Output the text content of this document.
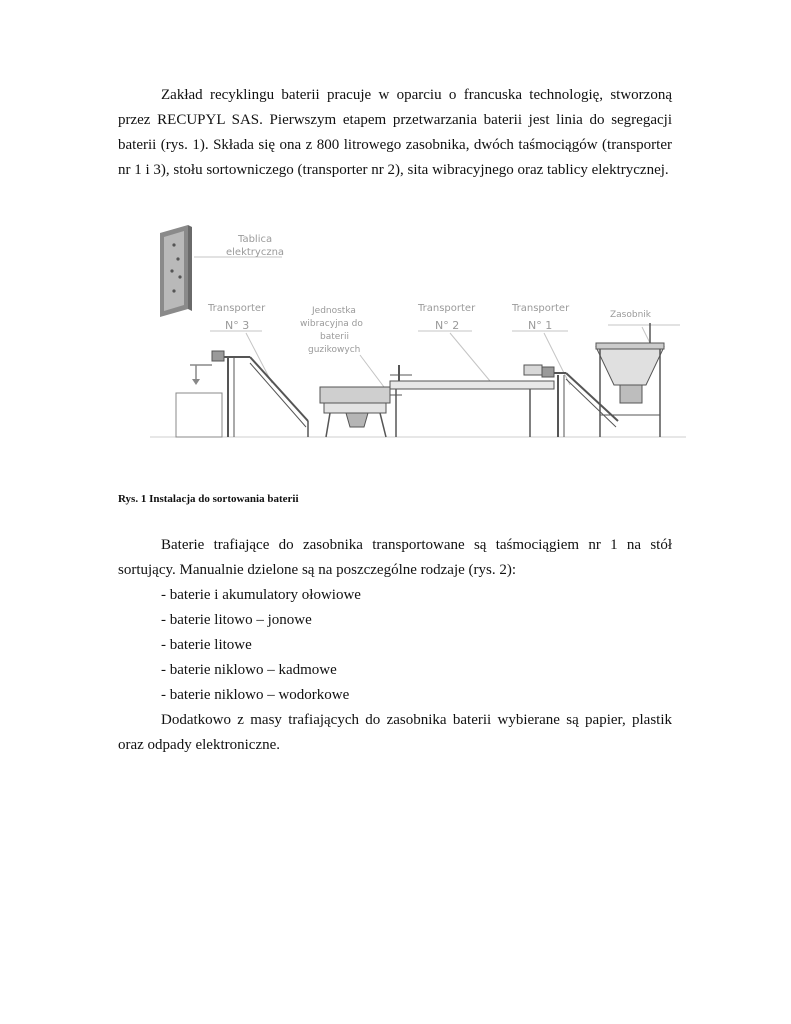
Zakład recyklingu baterii pracuje w oparciu o francuska technologię, stworzoną przez RECUPYL SAS. Pierwszym etapem przetwarzania baterii jest linia do segregacji baterii (rys. 1). Składa się ona z 800 litrowego zasobnika, dwóch taśmociągów (transporter nr 1 i 3), stołu sortowniczego (transporter nr 2), sita wibracyjnego oraz tablicy elektrycznej.

Tablica
elektryczna
Transporter
N° 3
Jednostka
wibracyjna do
baterii
guzikowych
Transporter
N° 2
Transporter
N° 1
Zasobnik

Rys. 1 Instalacja do sortowania baterii

Baterie trafiające do zasobnika transportowane są taśmociągiem nr 1 na stół sortujący. Manualnie dzielone są na poszczególne rodzaje (rys. 2):

- baterie i akumulatory ołowiowe
- baterie litowo – jonowe
- baterie litowe
- baterie niklowo – kadmowe
- baterie niklowo – wodorkowe

Dodatkowo z masy trafiających do zasobnika baterii wybierane są papier, plastik oraz odpady elektroniczne.
